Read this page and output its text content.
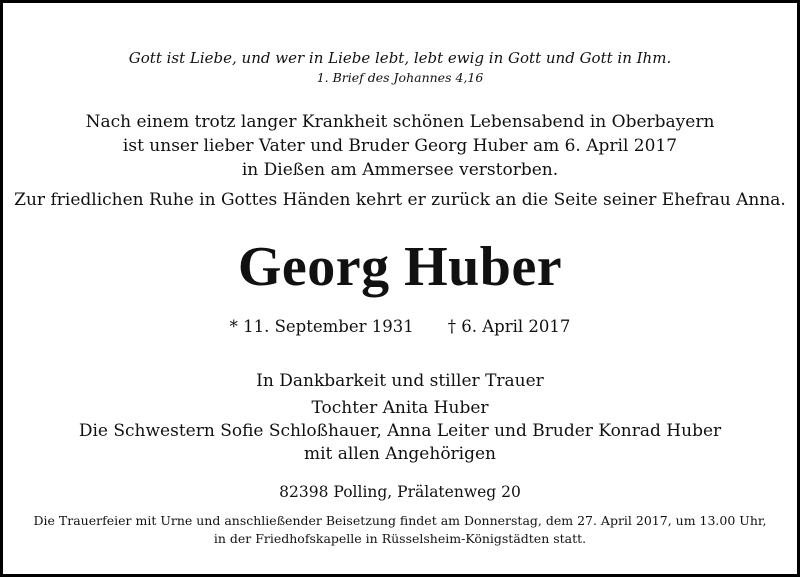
Gott ist Liebe, und wer in Liebe lebt, lebt ewig in Gott und Gott in Ihm.
1. Brief des Johannes 4,16
Nach einem trotz langer Krankheit schönen Lebensabend in Oberbayern
ist unser lieber Vater und Bruder Georg Huber am 6. April 2017
in Dießen am Ammersee verstorben.
Zur friedlichen Ruhe in Gottes Händen kehrt er zurück an die Seite seiner Ehefrau Anna.
Georg Huber
* 11. September 1931 † 6. April 2017
In Dankbarkeit und stiller Trauer
Tochter Anita Huber
Die Schwestern Sofie Schloßhauer, Anna Leiter und Bruder Konrad Huber
mit allen Angehörigen
82398 Polling, Prälatenweg 20
Die Trauerfeier mit Urne und anschließender Beisetzung findet am Donnerstag, dem 27. April 2017, um 13.00 Uhr,
in der Friedhofskapelle in Rüsselsheim-Königstädten statt.
